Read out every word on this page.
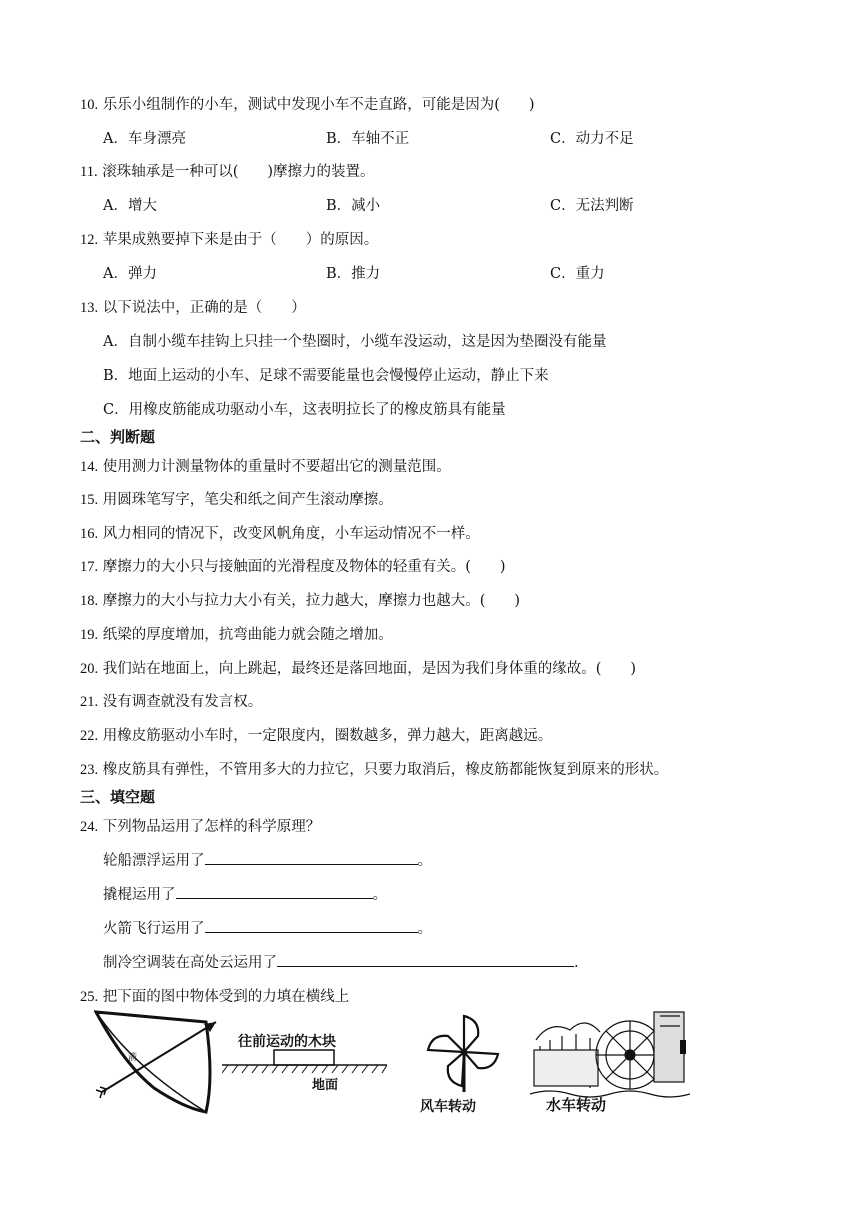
10. 乐乐小组制作的小车，测试中发现小车不走直路，可能是因为(　　)
A．车身漂亮	B．车轴不正	C．动力不足
11. 滚珠轴承是一种可以(　　)摩擦力的装置。
A．增大	B．减小	C．无法判断
12. 苹果成熟要掉下来是由于（　　）的原因。
A．弹力	B．推力	C．重力
13. 以下说法中，正确的是（　　）
A．自制小缆车挂钩上只挂一个垫圈时，小缆车没运动，这是因为垫圈没有能量
B．地面上运动的小车、足球不需要能量也会慢慢停止运动，静止下来
C．用橡皮筋能成功驱动小车，这表明拉长了的橡皮筋具有能量
二、判断题
14. 使用测力计测量物体的重量时不要超出它的测量范围。
15. 用圆珠笔写字，笔尖和纸之间产生滚动摩擦。
16. 风力相同的情况下，改变风帆角度，小车运动情况不一样。
17. 摩擦力的大小只与接触面的光滑程度及物体的轻重有关。(　　)
18. 摩擦力的大小与拉力大小有关，拉力越大，摩擦力也越大。(　　)
19. 纸梁的厚度增加，抗弯曲能力就会随之增加。
20. 我们站在地面上，向上跳起，最终还是落回地面，是因为我们身体重的缘故。(　　)
21. 没有调查就没有发言权。
22. 用橡皮筋驱动小车时，一定限度内，圈数越多，弹力越大，距离越远。
23. 橡皮筋具有弹性，不管用多大的力拉它，只要力取消后，橡皮筋都能恢复到原来的形状。
三、填空题
24. 下列物品运用了怎样的科学原理？
轮船漂浮运用了	。
撬棍运用了	。
火箭飞行运用了	。
制冷空调装在高处云运用了	.
25. 把下面的图中物体受到的力填在横线上
箭
往前运动的木块
地面
风车转动	水车转动
